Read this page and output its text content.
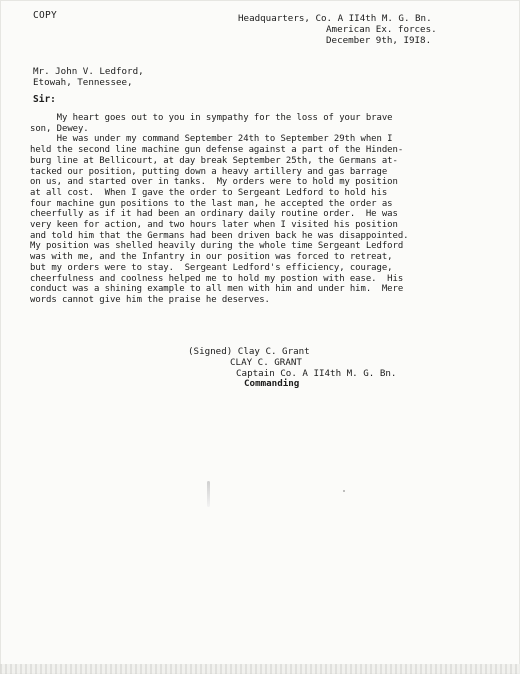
COPY	Headquarters, Co. A II4th M. G. Bn.
American Ex. forces.
December 9th, I9I8.
Mr. John V. Ledford,
Etowah, Tennessee,
Sir:
My heart goes out to you in sympathy for the loss of your brave
son, Dewey.
He was under my command September 24th to September 29th when I
held the second line machine gun defense against a part of the Hinden-
burg line at Bellicourt, at day break September 25th, the Germans at-
tacked our position, putting down a heavy artillery and gas barrage
on us, and started over in tanks.  My orders were to hold my position
at all cost.  When I gave the order to Sergeant Ledford to hold his
four machine gun positions to the last man, he accepted the order as
cheerfully as if it had been an ordinary daily routine order.  He was
very keen for action, and two hours later when I visited his position
and told him that the Germans had been driven back he was disappointed.
My position was shelled heavily during the whole time Sergeant Ledford
was with me, and the Infantry in our position was forced to retreat,
but my orders were to stay.  Sergeant Ledford's efficiency, courage,
cheerfulness and coolness helped me to hold my postion with ease.  His
conduct was a shining example to all men with him and under him.  Mere
words cannot give him the praise he deserves.
(Signed) Clay C. Grant
CLAY C. GRANT
Captain Co. A II4th M. G. Bn.
Commanding
